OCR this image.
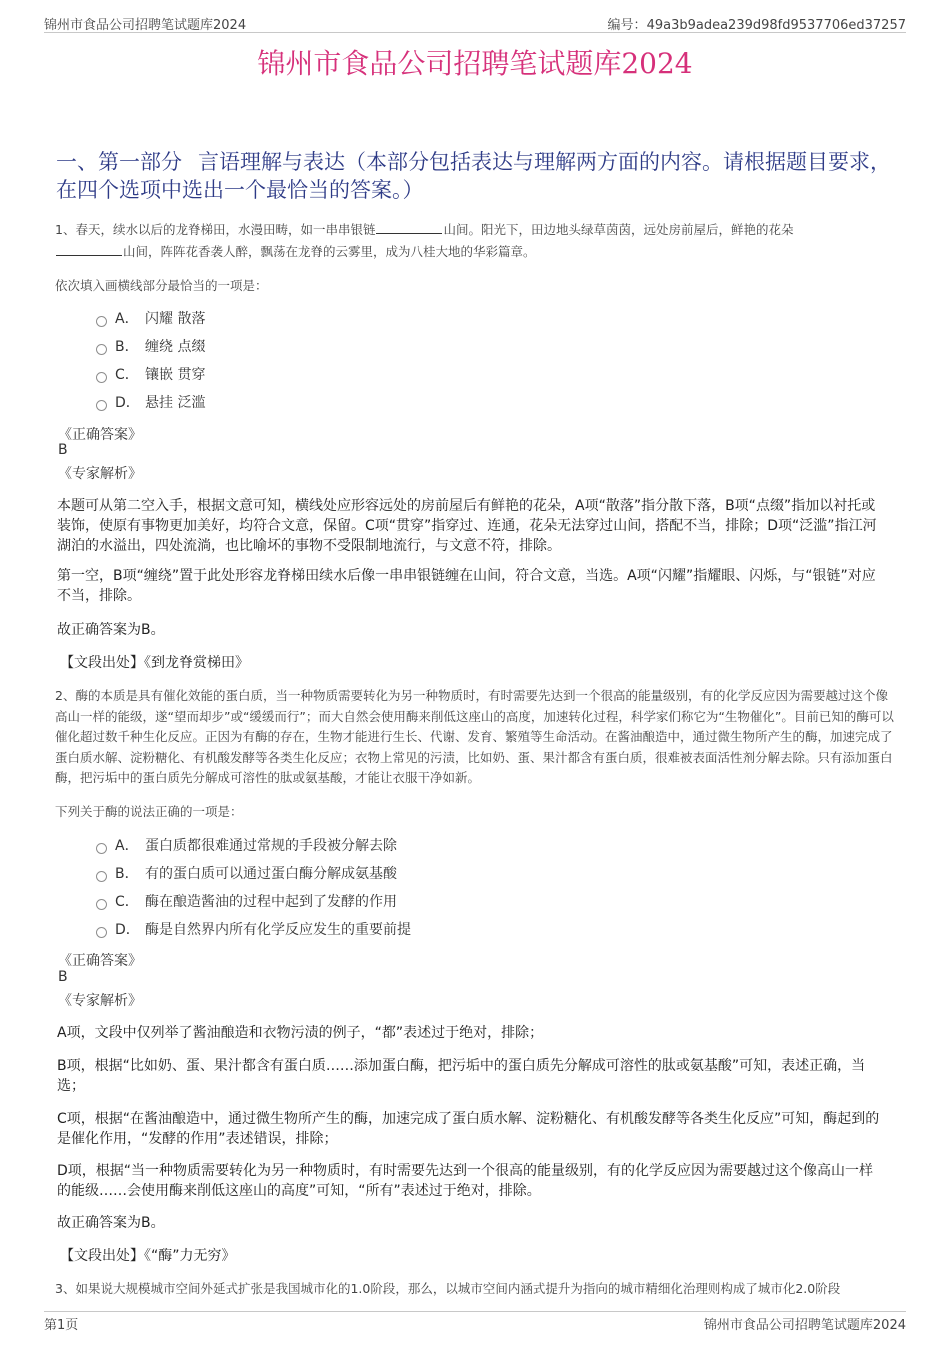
锦州市食品公司招聘笔试题库2024	编号：49a3b9adea239d98fd9537706ed37257
锦州市食品公司招聘笔试题库2024
一、第一部分 言语理解与表达（本部分包括表达与理解两方面的内容。请根据题目要求，在四个选项中选出一个最恰当的答案。）
1、春天，续水以后的龙脊梯田，水漫田畴，如一串串银链	山间。阳光下，田边地头绿草茵茵，远处房前屋后，鲜艳的花朵
山间，阵阵花香袭人醉，飘荡在龙脊的云雾里，成为八桂大地的华彩篇章。
依次填入画横线部分最恰当的一项是：
A． 闪耀 散落
B． 缠绕 点缀
C． 镶嵌 贯穿
D． 悬挂 泛滥
《正确答案》
B
《专家解析》
本题可从第二空入手，根据文意可知，横线处应形容远处的房前屋后有鲜艳的花朵，A项“散落”指分散下落，B项“点缀”指加以衬托或装饰，使原有事物更加美好，均符合文意，保留。C项“贯穿”指穿过、连通，花朵无法穿过山间，搭配不当，排除；D项“泛滥”指江河湖泊的水溢出，四处流淌，也比喻坏的事物不受限制地流行，与文意不符，排除。
第一空，B项“缠绕”置于此处形容龙脊梯田续水后像一串串银链缠在山间，符合文意，当选。A项“闪耀”指耀眼、闪烁，与“银链”对应不当，排除。
故正确答案为B。
【文段出处】《到龙脊赏梯田》
2、酶的本质是具有催化效能的蛋白质，当一种物质需要转化为另一种物质时，有时需要先达到一个很高的能量级别，有的化学反应因为需要越过这个像高山一样的能级，遂“望而却步”或“缓缓而行”；而大自然会使用酶来削低这座山的高度，加速转化过程，科学家们称它为“生物催化”。目前已知的酶可以催化超过数千种生化反应。正因为有酶的存在，生物才能进行生长、代谢、发育、繁殖等生命活动。在酱油酿造中，通过微生物所产生的酶，加速完成了蛋白质水解、淀粉糖化、有机酸发酵等各类生化反应；衣物上常见的污渍，比如奶、蛋、果汁都含有蛋白质，很难被表面活性剂分解去除。只有添加蛋白酶，把污垢中的蛋白质先分解成可溶性的肽或氨基酸，才能让衣服干净如新。
下列关于酶的说法正确的一项是：
A． 蛋白质都很难通过常规的手段被分解去除
B． 有的蛋白质可以通过蛋白酶分解成氨基酸
C． 酶在酿造酱油的过程中起到了发酵的作用
D． 酶是自然界内所有化学反应发生的重要前提
《正确答案》
B
《专家解析》
A项，文段中仅列举了酱油酿造和衣物污渍的例子，“都”表述过于绝对，排除；
B项，根据“比如奶、蛋、果汁都含有蛋白质……添加蛋白酶，把污垢中的蛋白质先分解成可溶性的肽或氨基酸”可知，表述正确，当选；
C项，根据“在酱油酿造中，通过微生物所产生的酶，加速完成了蛋白质水解、淀粉糖化、有机酸发酵等各类生化反应”可知，酶起到的是催化作用，“发酵的作用”表述错误，排除；
D项，根据“当一种物质需要转化为另一种物质时，有时需要先达到一个很高的能量级别，有的化学反应因为需要越过这个像高山一样的能级……会使用酶来削低这座山的高度”可知，“所有”表述过于绝对，排除。
故正确答案为B。
【文段出处】《“酶”力无穷》
3、如果说大规模城市空间外延式扩张是我国城市化的1.0阶段，那么，以城市空间内涵式提升为指向的城市精细化治理则构成了城市化2.0阶段
第1页	锦州市食品公司招聘笔试题库2024
